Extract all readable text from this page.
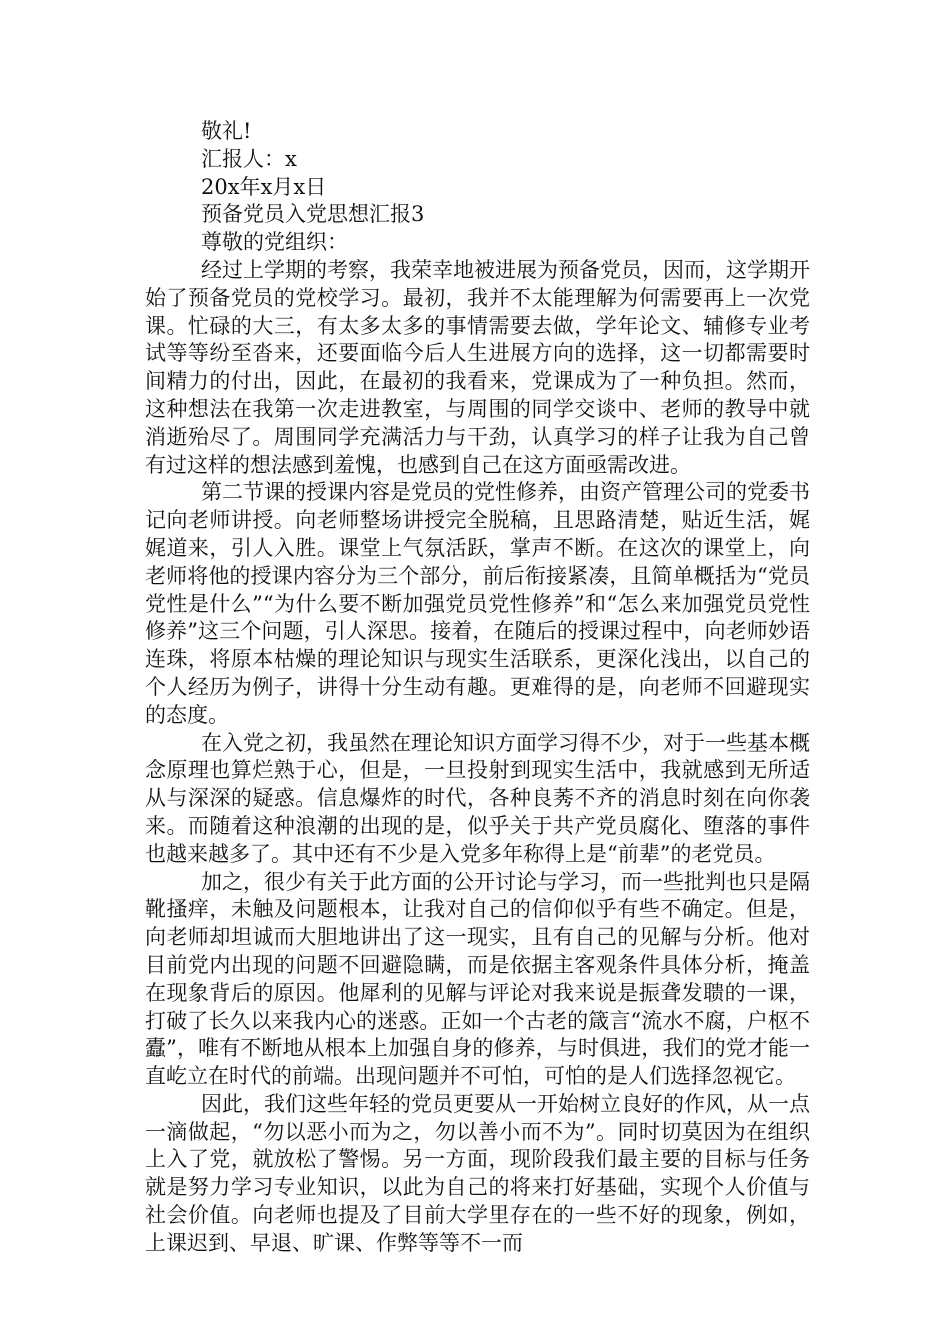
敬礼!

汇报人：x

20x年x月x日

预备党员入党思想汇报3

尊敬的党组织：

经过上学期的考察，我荣幸地被进展为预备党员，因而，这学期开始了预备党员的党校学习。最初，我并不太能理解为何需要再上一次党课。忙碌的大三，有太多太多的事情需要去做，学年论文、辅修专业考试等等纷至沓来，还要面临今后人生进展方向的选择，这一切都需要时间精力的付出，因此，在最初的我看来，党课成为了一种负担。然而，这种想法在我第一次走进教室，与周围的同学交谈中、老师的教导中就消逝殆尽了。周围同学充满活力与干劲，认真学习的样子让我为自己曾有过这样的想法感到羞愧，也感到自己在这方面亟需改进。

第二节课的授课内容是党员的党性修养，由资产管理公司的党委书记向老师讲授。向老师整场讲授完全脱稿，且思路清楚，贴近生活，娓娓道来，引人入胜。课堂上气氛活跃，掌声不断。在这次的课堂上，向老师将他的授课内容分为三个部分，前后衔接紧凑，且简单概括为“党员党性是什么”“为什么要不断加强党员党性修养”和“怎么来加强党员党性修养”这三个问题，引人深思。接着，在随后的授课过程中，向老师妙语连珠，将原本枯燥的理论知识与现实生活联系，更深化浅出，以自己的个人经历为例子，讲得十分生动有趣。更难得的是，向老师不回避现实的态度。

在入党之初，我虽然在理论知识方面学习得不少，对于一些基本概念原理也算烂熟于心，但是，一旦投射到现实生活中，我就感到无所适从与深深的疑惑。信息爆炸的时代，各种良莠不齐的消息时刻在向你袭来。而随着这种浪潮的出现的是，似乎关于共产党员腐化、堕落的事件也越来越多了。其中还有不少是入党多年称得上是“前辈”的老党员。

加之，很少有关于此方面的公开讨论与学习，而一些批判也只是隔靴搔痒，未触及问题根本，让我对自己的信仰似乎有些不确定。但是，向老师却坦诚而大胆地讲出了这一现实，且有自己的见解与分析。他对目前党内出现的问题不回避隐瞒，而是依据主客观条件具体分析，掩盖在现象背后的原因。他犀利的见解与评论对我来说是振聋发聩的一课，打破了长久以来我内心的迷惑。正如一个古老的箴言“流水不腐，户枢不蠹”，唯有不断地从根本上加强自身的修养，与时俱进，我们的党才能一直屹立在时代的前端。出现问题并不可怕，可怕的是人们选择忽视它。

因此，我们这些年轻的党员更要从一开始树立良好的作风，从一点一滴做起，“勿以恶小而为之，勿以善小而不为”。同时切莫因为在组织上入了党，就放松了警惕。另一方面，现阶段我们最主要的目标与任务就是努力学习专业知识，以此为自己的将来打好基础，实现个人价值与社会价值。向老师也提及了目前大学里存在的一些不好的现象，例如，上课迟到、早退、旷课、作弊等等不一而
